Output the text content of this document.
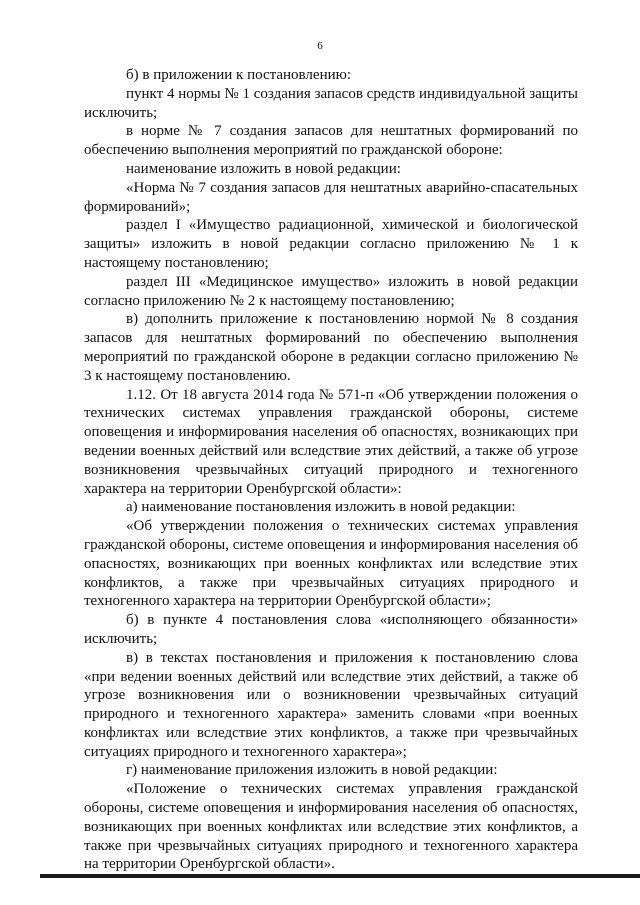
6

б) в приложении к постановлению:

пункт 4 нормы № 1 создания запасов средств индивидуальной защиты исключить;

в норме № 7 создания запасов для нештатных формирований по обеспечению выполнения мероприятий по гражданской обороне:

наименование изложить в новой редакции:

«Норма № 7 создания запасов для нештатных аварийно-спасательных формирований»;

раздел I «Имущество радиационной, химической и биологической защиты» изложить в новой редакции согласно приложению № 1 к настоящему постановлению;

раздел III «Медицинское имущество» изложить в новой редакции согласно приложению № 2 к настоящему постановлению;

в) дополнить приложение к постановлению нормой № 8 создания запасов для нештатных формирований по обеспечению выполнения мероприятий по гражданской обороне в редакции согласно приложению № 3 к настоящему постановлению.

1.12. От 18 августа 2014 года № 571-п «Об утверждении положения о технических системах управления гражданской обороны, системе оповещения и информирования населения об опасностях, возникающих при ведении военных действий или вследствие этих действий, а также об угрозе возникновения чрезвычайных ситуаций природного и техногенного характера на территории Оренбургской области»:

а) наименование постановления изложить в новой редакции:

«Об утверждении положения о технических системах управления гражданской обороны, системе оповещения и информирования населения об опасностях, возникающих при военных конфликтах или вследствие этих конфликтов, а также при чрезвычайных ситуациях природного и техногенного характера на территории Оренбургской области»;

б) в пункте 4 постановления слова «исполняющего обязанности» исключить;

в) в текстах постановления и приложения к постановлению слова «при ведении военных действий или вследствие этих действий, а также об угрозе возникновения или о возникновении чрезвычайных ситуаций природного и техногенного характера» заменить словами «при военных конфликтах или вследствие этих конфликтов, а также при чрезвычайных ситуациях природного и техногенного характера»;

г) наименование приложения изложить в новой редакции:

«Положение о технических системах управления гражданской обороны, системе оповещения и информирования населения об опасностях, возникающих при военных конфликтах или вследствие этих конфликтов, а также при чрезвычайных ситуациях природного и техногенного характера на территории Оренбургской области».
